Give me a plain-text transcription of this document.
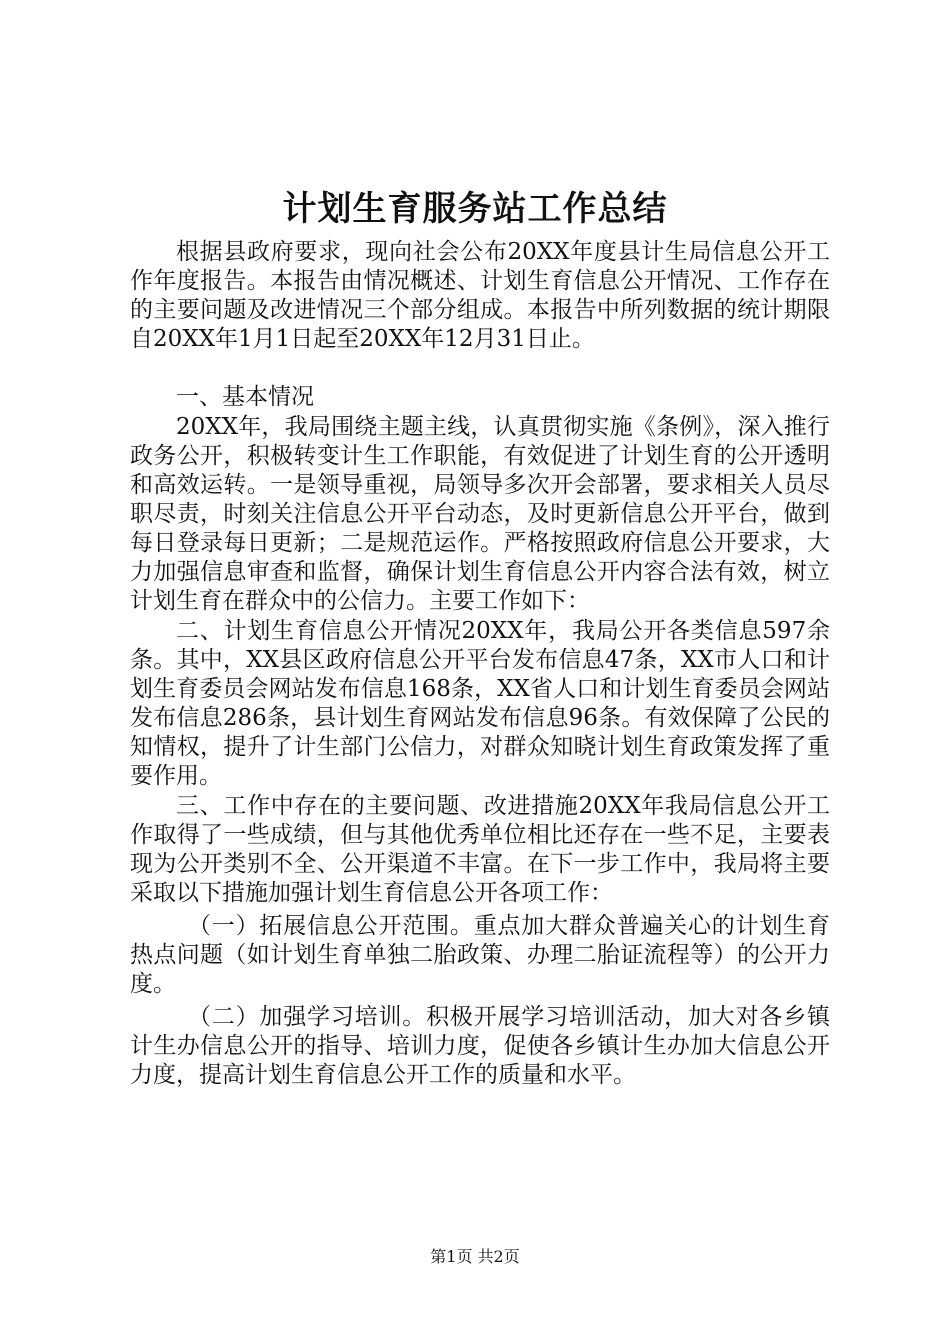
计划生育服务站工作总结

根据县政府要求，现向社会公布20XX年度县计生局信息公开工作年度报告。本报告由情况概述、计划生育信息公开情况、工作存在的主要问题及改进情况三个部分组成。本报告中所列数据的统计期限自20XX年1月1日起至20XX年12月31日止。

一、基本情况

20XX年，我局围绕主题主线，认真贯彻实施《条例》，深入推行政务公开，积极转变计生工作职能，有效促进了计划生育的公开透明和高效运转。一是领导重视，局领导多次开会部署，要求相关人员尽职尽责，时刻关注信息公开平台动态，及时更新信息公开平台，做到每日登录每日更新；二是规范运作。严格按照政府信息公开要求，大力加强信息审查和监督，确保计划生育信息公开内容合法有效，树立计划生育在群众中的公信力。主要工作如下：

二、计划生育信息公开情况20XX年，我局公开各类信息597余条。其中，XX县区政府信息公开平台发布信息47条，XX市人口和计划生育委员会网站发布信息168条，XX省人口和计划生育委员会网站发布信息286条，县计划生育网站发布信息96条。有效保障了公民的知情权，提升了计生部门公信力，对群众知晓计划生育政策发挥了重要作用。

三、工作中存在的主要问题、改进措施20XX年我局信息公开工作取得了一些成绩，但与其他优秀单位相比还存在一些不足，主要表现为公开类别不全、公开渠道不丰富。在下一步工作中，我局将主要采取以下措施加强计划生育信息公开各项工作：

（一）拓展信息公开范围。重点加大群众普遍关心的计划生育热点问题（如计划生育单独二胎政策、办理二胎证流程等）的公开力度。

（二）加强学习培训。积极开展学习培训活动，加大对各乡镇计生办信息公开的指导、培训力度，促使各乡镇计生办加大信息公开力度，提高计划生育信息公开工作的质量和水平。

第1页 共2页
